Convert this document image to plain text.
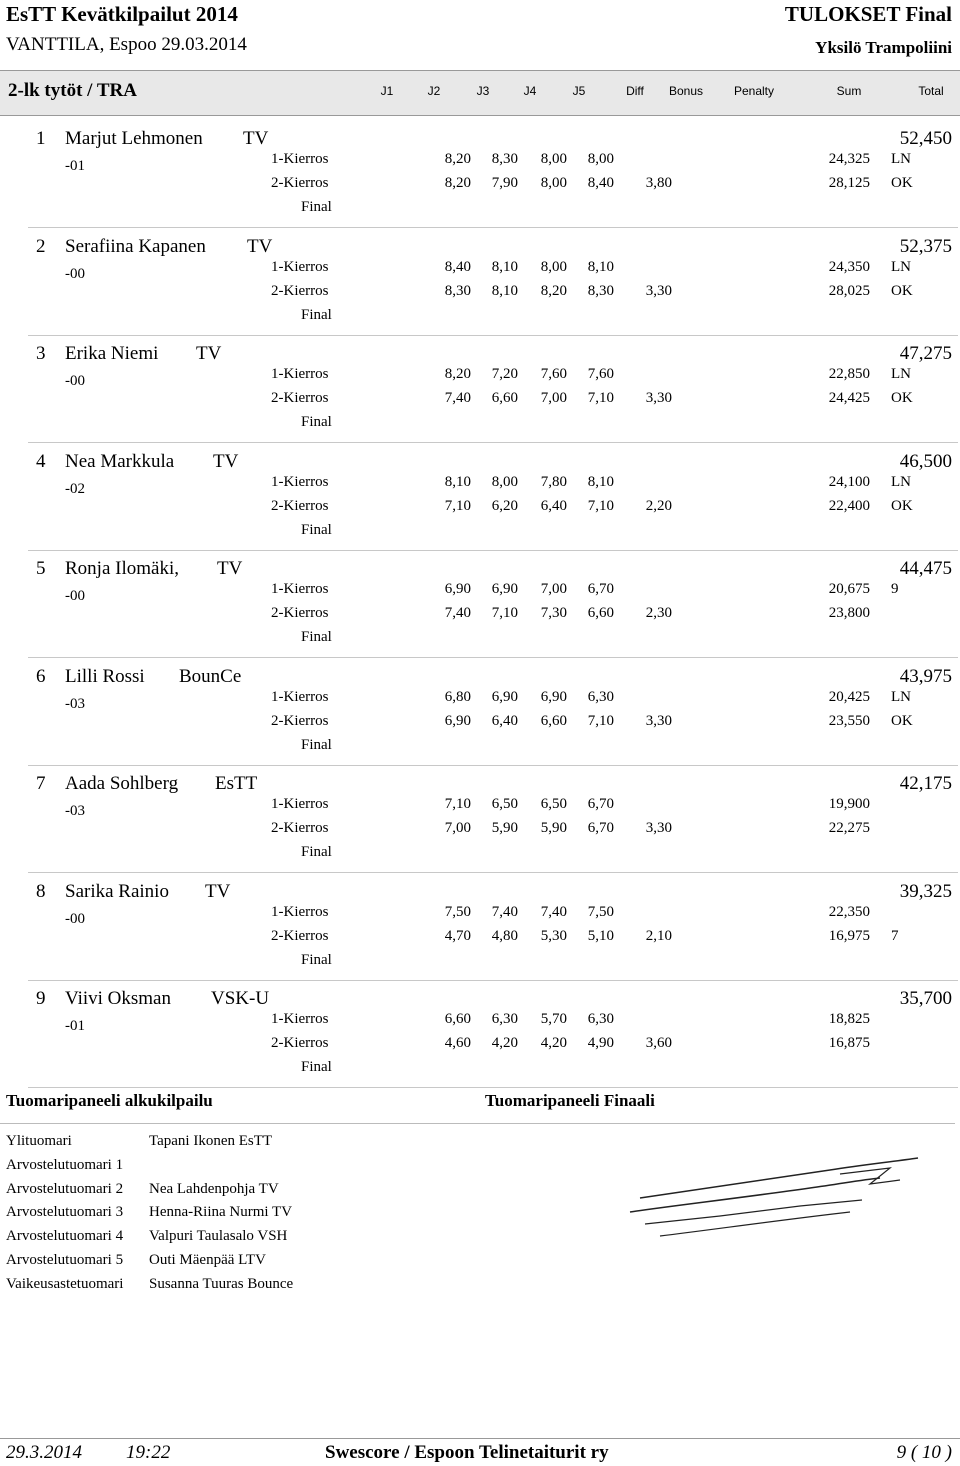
EsTT Kevätkilpailut 2014
VANTTILA, Espoo 29.03.2014
TULOKSET Final
Yksilö Trampoliini
2-lk tytöt / TRA	J1	J2	J3	J4	J5	Diff	Bonus	Penalty	Sum	Total
1 Marjut Lehmonen TV	52,450
-01	1-Kierros	8,20 8,30 8,00 8,00	24,325 LN
2-Kierros	8,20 7,90 8,00 8,40 3,80	28,125 OK
Final
2 Serafiina Kapanen TV	52,375
-00	1-Kierros	8,40 8,10 8,00 8,10	24,350 LN
2-Kierros	8,30 8,10 8,20 8,30 3,30	28,025 OK
Final
3 Erika Niemi TV	47,275
-00	1-Kierros	8,20 7,20 7,60 7,60	22,850 LN
2-Kierros	7,40 6,60 7,00 7,10 3,30	24,425 OK
Final
4 Nea Markkula TV	46,500
-02	1-Kierros	8,10 8,00 7,80 8,10	24,100 LN
2-Kierros	7,10 6,20 6,40 7,10 2,20	22,400 OK
Final
5 Ronja Ilomäki, TV	44,475
-00	1-Kierros	6,90 6,90 7,00 6,70	20,675 9
2-Kierros	7,40 7,10 7,30 6,60 2,30	23,800
Final
6 Lilli Rossi BounCe	43,975
-03	1-Kierros	6,80 6,90 6,90 6,30	20,425 LN
2-Kierros	6,90 6,40 6,60 7,10 3,30	23,550 OK
Final
7 Aada Sohlberg EsTT	42,175
-03	1-Kierros	7,10 6,50 6,50 6,70	19,900
2-Kierros	7,00 5,90 5,90 6,70 3,30	22,275
Final
8 Sarika Rainio TV	39,325
-00	1-Kierros	7,50 7,40 7,40 7,50	22,350
2-Kierros	4,70 4,80 5,30 5,10 2,10	16,975 7
Final
9 Viivi Oksman VSK-U	35,700
-01	1-Kierros	6,60 6,30 5,70 6,30	18,825
2-Kierros	4,60 4,20 4,20 4,90 3,60	16,875
Final
Tuomaripaneeli alkukilpailu	Tuomaripaneeli Finaali
Ylituomari	Tapani Ikonen EsTT
Arvostelutuomari 1
Arvostelutuomari 2 Nea Lahdenpohja TV
Arvostelutuomari 3 Henna-Riina Nurmi TV
Arvostelutuomari 4 Valpuri Taulasalo VSH
Arvostelutuomari 5 Outi Mäenpää LTV
Vaikeusastetuomari Susanna Tuuras Bounce
29.3.2014 19:22	Swescore / Espoon Telinetaiturit ry	9 ( 10 )
